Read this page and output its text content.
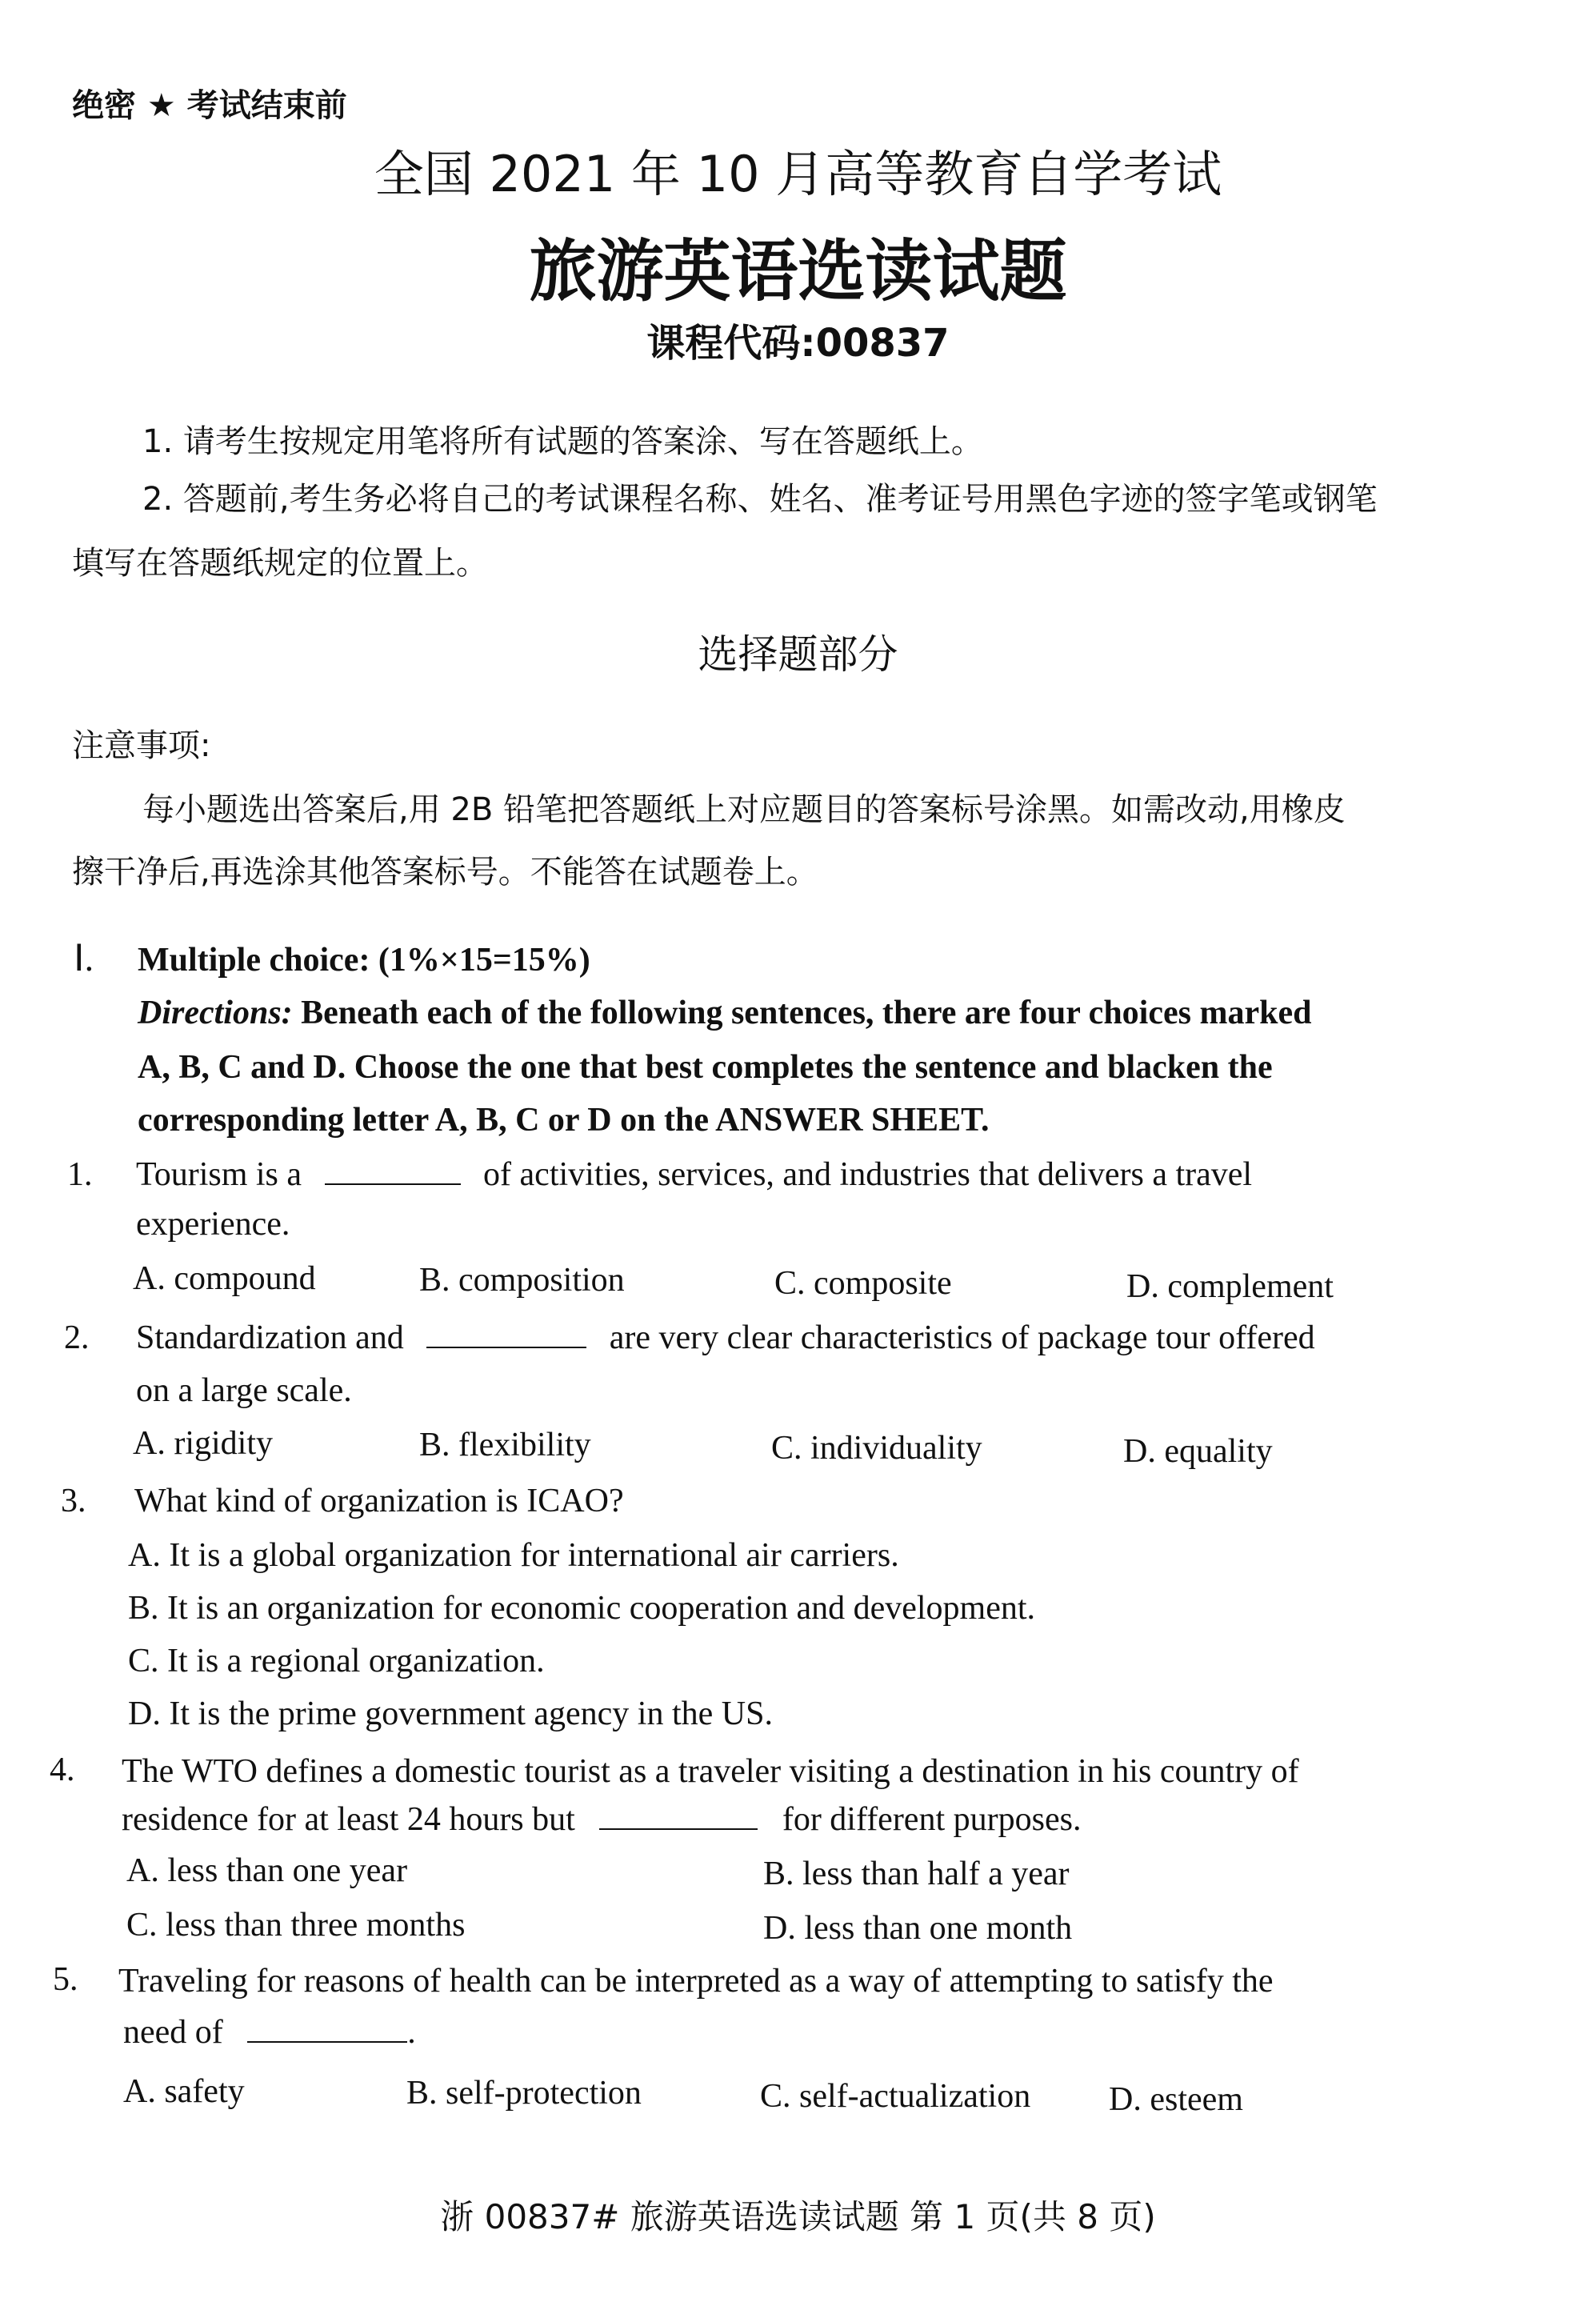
绝密 ★ 考试结束前
全国 2021 年 10 月高等教育自学考试
旅游英语选读试题
课程代码:00837
1. 请考生按规定用笔将所有试题的答案涂、写在答题纸上。
2. 答题前,考生务必将自己的考试课程名称、姓名、准考证号用黑色字迹的签字笔或钢笔
填写在答题纸规定的位置上。
选择题部分
注意事项:
每小题选出答案后,用 2B 铅笔把答题纸上对应题目的答案标号涂黑。如需改动,用橡皮
擦干净后,再选涂其他答案标号。不能答在试题卷上。
Ⅰ. Multiple choice: (1%×15=15%)
Directions: Beneath each of the following sentences, there are four choices marked
A, B, C and D. Choose the one that best completes the sentence and blacken the
corresponding letter A, B, C or D on the ANSWER SHEET.
1. Tourism is a	of activities, services, and industries that delivers a travel
experience.
A. compound	B. composition	C. composite	D. complement
2. Standardization and	are very clear characteristics of package tour offered
on a large scale.
A. rigidity	B. flexibility	C. individuality	D. equality
3. What kind of organization is ICAO?
A. It is a global organization for international air carriers.
B. It is an organization for economic cooperation and development.
C. It is a regional organization.
D. It is the prime government agency in the US.
4. The WTO defines a domestic tourist as a traveler visiting a destination in his country of
residence for at least 24 hours but	for different purposes.
A. less than one year	B. less than half a year
C. less than three months	D. less than one month
5. Traveling for reasons of health can be interpreted as a way of attempting to satisfy the
need of	.
A. safety	B. self-protection	C. self-actualization D. esteem
浙 00837# 旅游英语选读试题 第 1 页(共 8 页)
